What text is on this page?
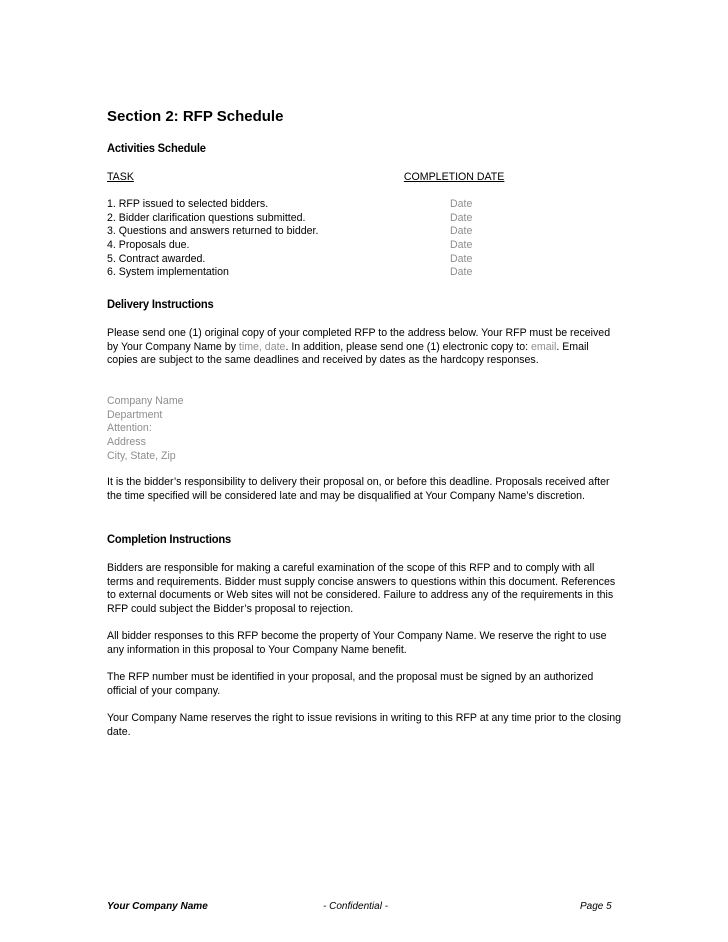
Section 2: RFP Schedule
Activities Schedule
TASK	COMPLETION DATE
1. RFP issued to selected bidders.	Date
2. Bidder clarification questions submitted.	Date
3. Questions and answers returned to bidder.	Date
4. Proposals due.	Date
5. Contract awarded.	Date
6. System implementation	Date
Delivery Instructions
Please send one (1) original copy of your completed RFP to the address below. Your RFP must be received by Your Company Name by time, date. In addition, please send one (1) electronic copy to: email. Email copies are subject to the same deadlines and received by dates as the hardcopy responses.
Company Name
Department
Attention:
Address
City, State, Zip
It is the bidder’s responsibility to delivery their proposal on, or before this deadline. Proposals received after the time specified will be considered late and may be disqualified at Your Company Name’s discretion.
Completion Instructions
Bidders are responsible for making a careful examination of the scope of this RFP and to comply with all terms and requirements. Bidder must supply concise answers to questions within this document. References to external documents or Web sites will not be considered. Failure to address any of the requirements in this RFP could subject the Bidder’s proposal to rejection.
All bidder responses to this RFP become the property of Your Company Name. We reserve the right to use any information in this proposal to Your Company Name benefit.
The RFP number must be identified in your proposal, and the proposal must be signed by an authorized official of your company.
Your Company Name reserves the right to issue revisions in writing to this RFP at any time prior to the closing date.
Your Company Name	- Confidential -	Page 5
